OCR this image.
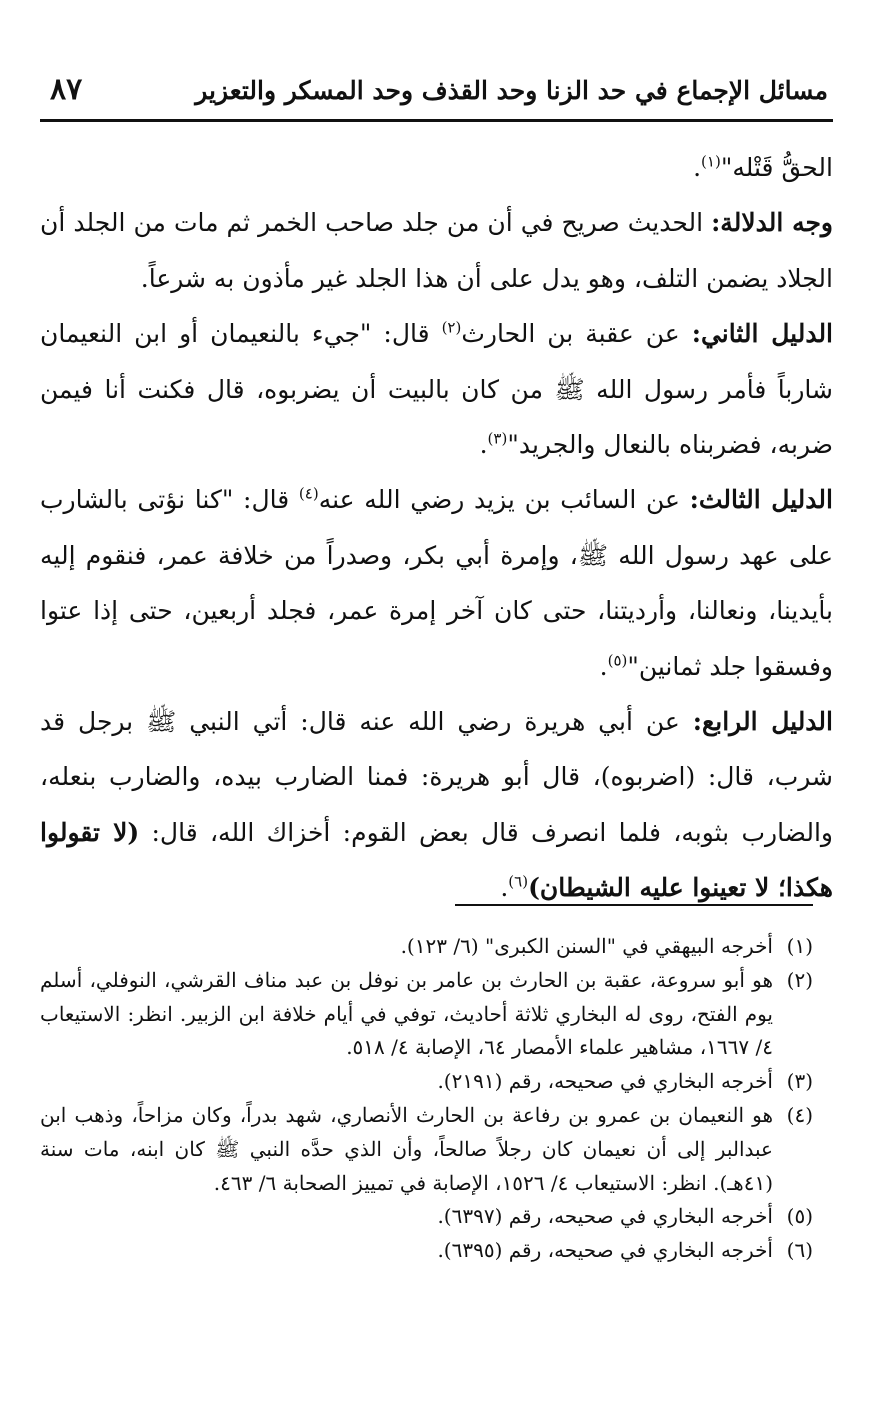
مسائل الإجماع في حد الزنا وحد القذف وحد المسكر والتعزير
٨٧

الحقُّ قَتْله"$^{(١)}$.

وجه الدلالة: الحديث صريح في أن من جلد صاحب الخمر ثم مات من الجلد أن الجلاد يضمن التلف، وهو يدل على أن هذا الجلد غير مأذون به شرعاً.

الدليل الثاني: عن عقبة بن الحارث$^{(٢)}$ قال: "جيء بالنعيمان أو ابن النعيمان شارباً فأمر رسول الله ﷺ من كان بالبيت أن يضربوه، قال فكنت أنا فيمن ضربه، فضربناه بالنعال والجريد"$^{(٣)}$.

الدليل الثالث: عن السائب بن يزيد رضي الله عنه$^{(٤)}$ قال: "كنا نؤتى بالشارب على عهد رسول الله ﷺ، وإمرة أبي بكر، وصدراً من خلافة عمر، فنقوم إليه بأيدينا، ونعالنا، وأرديتنا، حتى كان آخر إمرة عمر، فجلد أربعين، حتى إذا عتوا وفسقوا جلد ثمانين"$^{(٥)}$.

الدليل الرابع: عن أبي هريرة رضي الله عنه قال: أتي النبي ﷺ برجل قد شرب، قال: (اضربوه)، قال أبو هريرة: فمنا الضارب بيده، والضارب بنعله، والضارب بثوبه، فلما انصرف قال بعض القوم: أخزاك الله، قال: (لا تقولوا هكذا؛ لا تعينوا عليه الشيطان)$^{(٦)}$.

(١)
أخرجه البيهقي في "السنن الكبرى" (٦/ ١٢٣).
(٢)
هو أبو سروعة، عقبة بن الحارث بن عامر بن نوفل بن عبد مناف القرشي، النوفلي، أسلم يوم الفتح، روى له البخاري ثلاثة أحاديث، توفي في أيام خلافة ابن الزبير. انظر: الاستيعاب ٤/ ١٦٦٧، مشاهير علماء الأمصار ٦٤، الإصابة ٤/ ٥١٨.
(٣)
أخرجه البخاري في صحيحه، رقم (٢١٩١).
(٤)
هو النعيمان بن عمرو بن رفاعة بن الحارث الأنصاري، شهد بدراً، وكان مزاحاً، وذهب ابن عبدالبر إلى أن نعيمان كان رجلاً صالحاً، وأن الذي حدَّه النبي ﷺ كان ابنه، مات سنة (٤١هـ). انظر: الاستيعاب ٤/ ١٥٢٦، الإصابة في تمييز الصحابة ٦/ ٤٦٣.
(٥)
أخرجه البخاري في صحيحه، رقم (٦٣٩٧).
(٦)
أخرجه البخاري في صحيحه، رقم (٦٣٩٥).
